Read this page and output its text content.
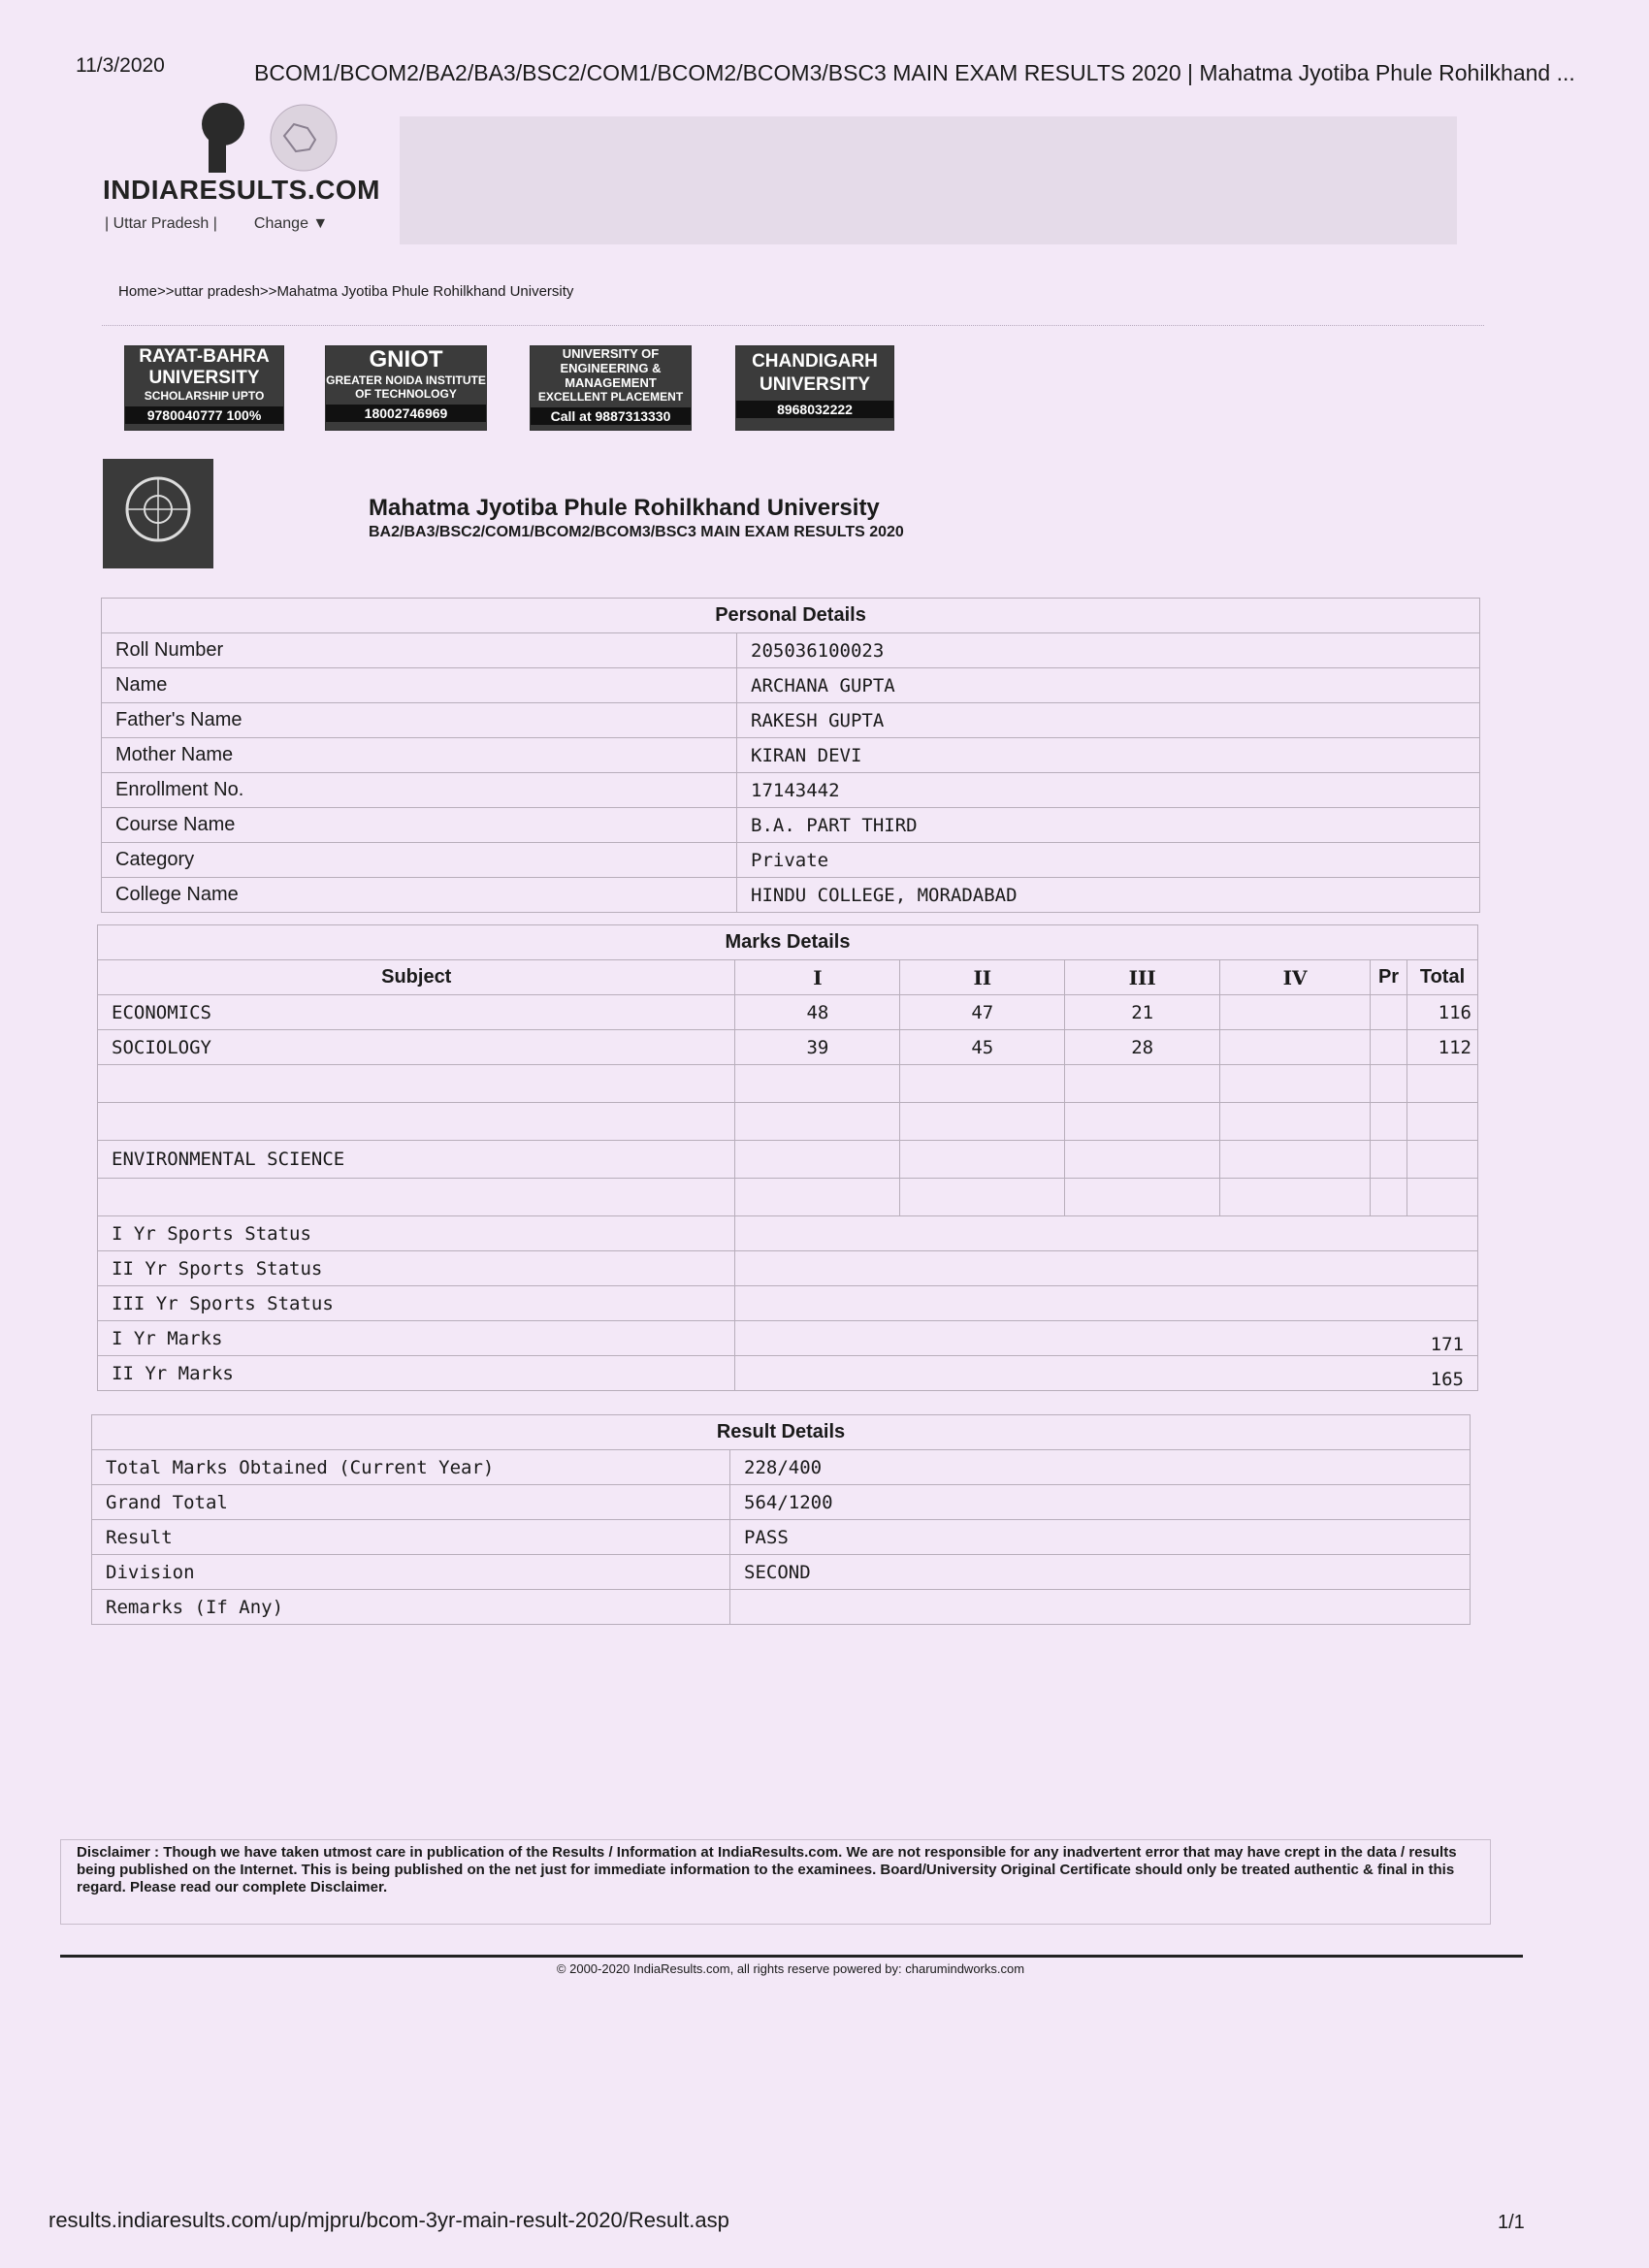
11/3/2020	BCOM1/BCOM2/BA2/BA3/BSC2/COM1/BCOM2/BCOM3/BSC3 MAIN EXAM RESULTS 2020 | Mahatma Jyotiba Phule Rohilkhand ...
INDIARESULTS.COM
| Uttar Pradesh | Change ▼
Home>>uttar pradesh>>Mahatma Jyotiba Phule Rohilkhand University
RAYAT-BAHRA UNIVERSITY
SCHOLARSHIP UPTO
9780040777 100%
GNIOT
GREATER NOIDA INSTITUTE OF TECHNOLOGY
18002746969
UNIVERSITY OF ENGINEERING & MANAGEMENT
EXCELLENT PLACEMENT
Call at 9887313330
CHANDIGARH UNIVERSITY
8968032222
Mahatma Jyotiba Phule Rohilkhand University
BA2/BA3/BSC2/COM1/BCOM2/BCOM3/BSC3 MAIN EXAM RESULTS 2020
Personal Details	
Roll Number	205036100023
Name	ARCHANA GUPTA
Father's Name	RAKESH GUPTA
Mother Name	KIRAN DEVI
Enrollment No.	17143442
Course Name	B.A. PART THIRD
Category	Private
College Name	HINDU COLLEGE, MORADABAD
Marks Details						
Subject	I	II	III	IV	Pr	Total
ECONOMICS	48	47	21			116
SOCIOLOGY	39	45	28			112

ENVIRONMENTAL SCIENCE						

I Yr Sports Status						
II Yr Sports Status						
III Yr Sports Status						
I Yr Marks	171					
II Yr Marks	165					
Result Details	
Total Marks Obtained (Current Year)	228/400
Grand Total	564/1200
Result	PASS
Division	SECOND
Remarks (If Any)	
Disclaimer : Though we have taken utmost care in publication of the Results / Information at IndiaResults.com. We are not responsible for any inadvertent error that may have crept in the data / results being published on the Internet. This is being published on the net just for immediate information to the examinees. Board/University Original Certificate should only be treated authentic & final in this regard. Please read our complete Disclaimer.
© 2000-2020 IndiaResults.com, all rights reserve powered by: charumindworks.com
results.indiaresults.com/up/mjpru/bcom-3yr-main-result-2020/Result.asp	1/1
